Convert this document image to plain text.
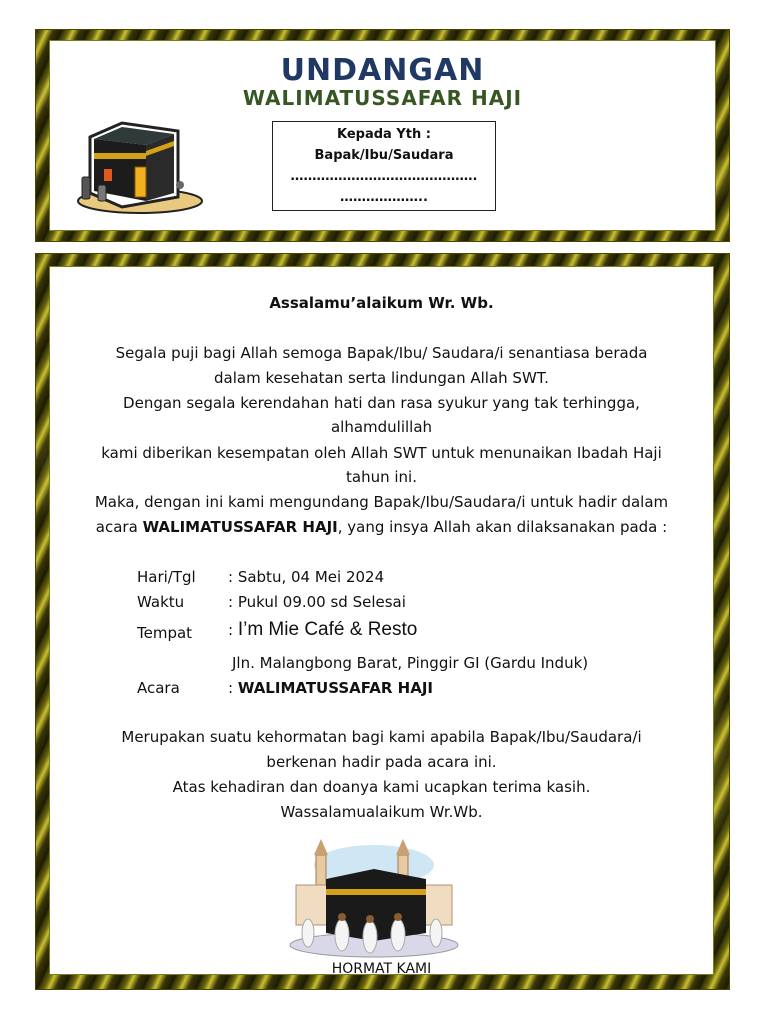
UNDANGAN
WALIMATUSSAFAR HAJI
Kepada Yth :
Bapak/Ibu/Saudara
…………………………………….
………………..
Assalamu’alaikum Wr. Wb.
Segala puji bagi Allah semoga Bapak/Ibu/ Saudara/i senantiasa berada
dalam kesehatan serta lindungan Allah SWT.
Dengan segala kerendahan hati dan rasa syukur yang tak terhingga,
alhamdulillah
kami diberikan kesempatan oleh Allah SWT untuk menunaikan Ibadah Haji
tahun ini.
Maka, dengan ini kami mengundang Bapak/Ibu/Saudara/i untuk hadir dalam
acara WALIMATUSSAFAR HAJI, yang insya Allah akan dilaksanakan pada :
Hari/Tgl : Sabtu, 04 Mei 2024
Waktu	: Pukul 09.00 sd Selesai
Tempat : I’m Mie Café & Resto
Jln. Malangbong Barat, Pinggir GI (Gardu Induk)
Acara	: WALIMATUSSAFAR HAJI
Merupakan suatu kehormatan bagi kami apabila Bapak/Ibu/Saudara/i
berkenan hadir pada acara ini.
Atas kehadiran dan doanya kami ucapkan terima kasih.
Wassalamualaikum Wr.Wb.
HORMAT KAMI
